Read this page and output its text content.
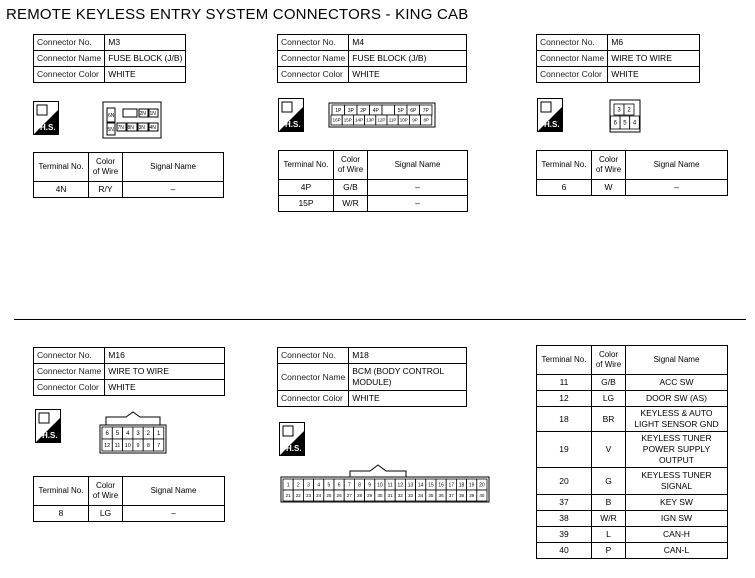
REMOTE KEYLESS ENTRY SYSTEM CONNECTORS - KING CAB
Connector No.	M3
Connector Name	FUSE BLOCK (J/B)
Connector Color	WHITE
H.S.
6N	2N 1N
5N 7N 8N 3N 4N
Terminal No.	Color of Wire	Signal Name
4N	R/Y	–
Connector No.	M4
Connector Name	FUSE BLOCK (J/B)
Connector Color	WHITE
H.S.
1P 3P 2P 4P	5P 6P 7P
16P 15P 14P 13P 12P 11P 10P 9P 8P
Terminal No.	Color of Wire	Signal Name
4P	G/B	–
15P	W/R	–
Connector No.	M6
Connector Name	WIRE TO WIRE
Connector Color	WHITE
H.S.
3 2
6 5 4
Terminal No.	Color of Wire	Signal Name
6	W	–
Connector No.	M16
Connector Name	WIRE TO WIRE
Connector Color	WHITE
H.S.	6 5 4 3 2 1
12 11 10 9 8 7
Terminal No.	Color of Wire	Signal Name
8	LG	–
Connector No.	M18
Connector Name	BCM (BODY CONTROL MODULE)
Connector Color	WHITE
H.S.
1 2 3 4 5 6 7 8 9 10 11 12 13 14 15 16 17 18 19 20
21 22 23 24 25 26 27 28 29 30 31 32 33 34 35 36 37 38 39 40
Terminal No.	Color of Wire	Signal Name
11	G/B	ACC SW
12	LG	DOOR SW (AS)
18	BR	KEYLESS & AUTO LIGHT SENSOR GND
19	V	KEYLESS TUNER POWER SUPPLY OUTPUT
20	G	KEYLESS TUNER SIGNAL
37	B	KEY SW
38	W/R	IGN SW
39	L	CAN-H
40	P	CAN-L
